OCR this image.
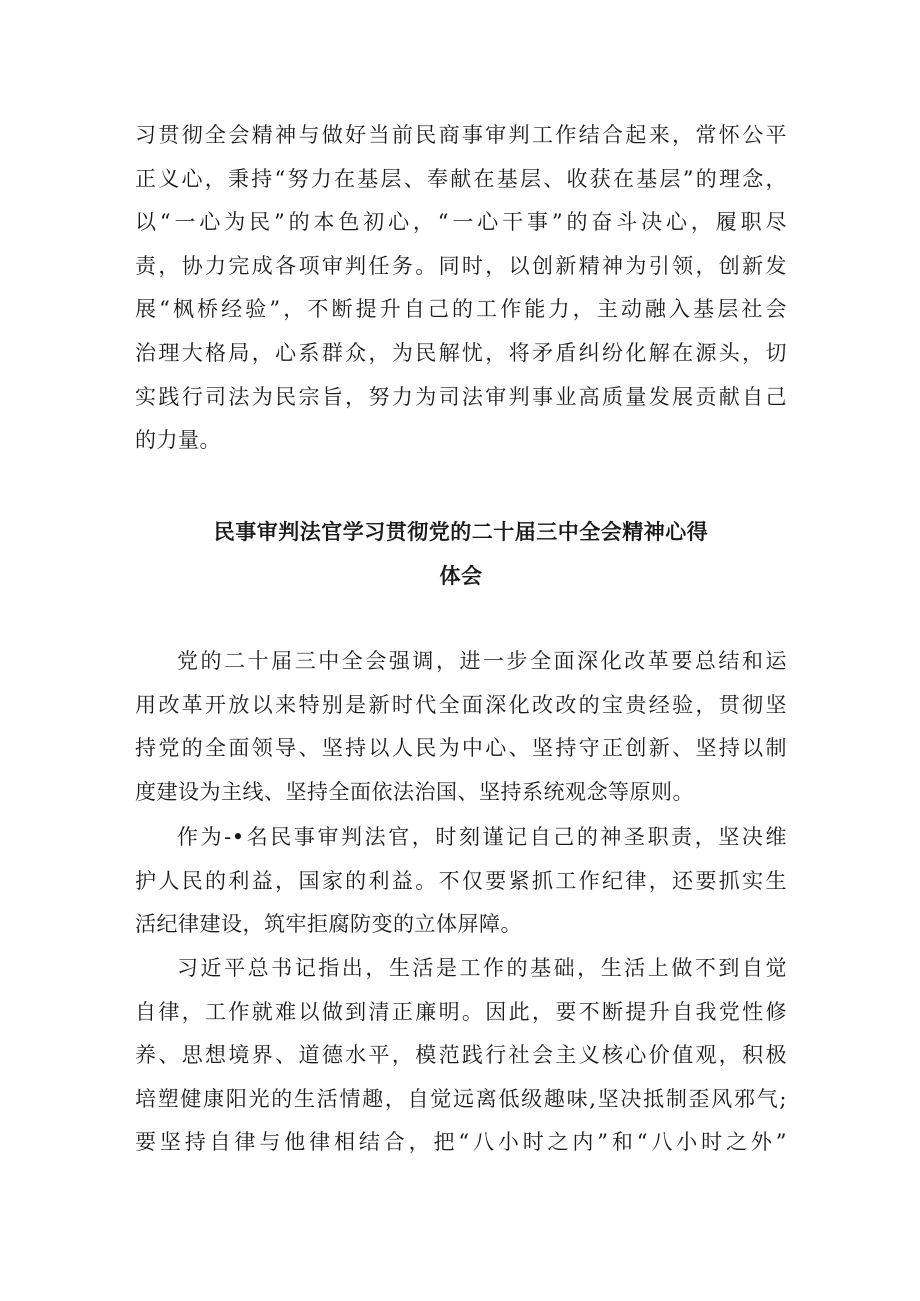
习贯彻全会精神与做好当前民商事审判工作结合起来，常怀公平
正义心，秉持“努力在基层、奉献在基层、收获在基层”的理念，
以“一心为民”的本色初心，“一心干事”的奋斗决心，履职尽
责，协力完成各项审判任务。同时，以创新精神为引领，创新发
展“枫桥经验”，不断提升自己的工作能力，主动融入基层社会
治理大格局，心系群众，为民解忧，将矛盾纠纷化解在源头，切
实践行司法为民宗旨，努力为司法审判事业高质量发展贡献自己
的力量。
民事审判法官学习贯彻党的二十届三中全会精神心得
体会
党的二十届三中全会强调，进一步全面深化改革要总结和运
用改革开放以来特别是新时代全面深化改改的宝贵经验，贯彻坚
持党的全面领导、坚持以人民为中心、坚持守正创新、坚持以制
度建设为主线、坚持全面依法治国、坚持系统观念等原则。
作为-•名民事审判法官，时刻谨记自己的神圣职责，坚决维
护人民的利益，国家的利益。不仅要紧抓工作纪律，还要抓实生
活纪律建设，筑牢拒腐防变的立体屏障。
习近平总书记指出，生活是工作的基础，生活上做不到自觉
自律，工作就难以做到清正廉明。因此，要不断提升自我党性修
养、思想境界、道德水平，模范践行社会主义核心价值观，积极
培塑健康阳光的生活情趣，自觉远离低级趣味,坚决抵制歪风邪气;
要坚持自律与他律相结合，把“八小时之内”和“八小时之外”
